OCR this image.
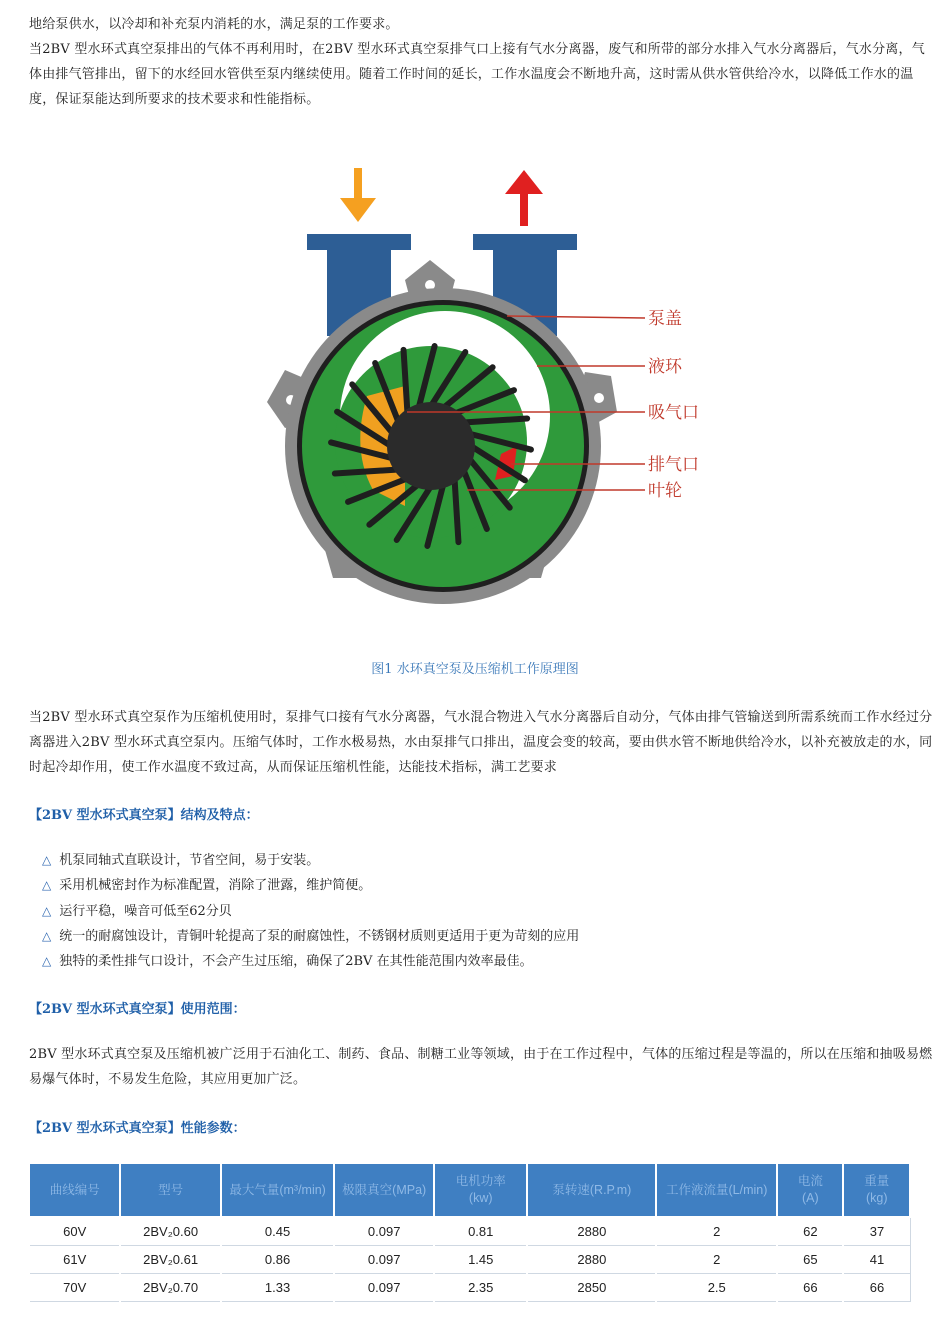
地给泵供水，以冷却和补充泵内消耗的水，满足泵的工作要求。

当2BV 型水环式真空泵排出的气体不再利用时，在2BV 型水环式真空泵排气口上接有气水分离器，废气和所带的部分水排入气水分离器后，气水分离，气体由排气管排出，留下的水经回水管供至泵内继续使用。随着工作时间的延长，工作水温度会不断地升高，这时需从供水管供给冷水，以降低工作水的温度，保证泵能达到所要求的技术要求和性能指标。

泵盖
液环
吸气口
排气口
叶轮
图1 水环真空泵及压缩机工作原理图

当2BV 型水环式真空泵作为压缩机使用时，泵排气口接有气水分离器，气水混合物进入气水分离器后自动分，气体由排气管输送到所需系统而工作水经过分离器进入2BV 型水环式真空泵内。压缩气体时，工作水极易热，水由泵排气口排出，温度会变的较高，要由供水管不断地供给冷水，以补充被放走的水，同时起冷却作用，使工作水温度不致过高，从而保证压缩机性能，达能技术指标，满工艺要求

【2BV 型水环式真空泵】结构及特点：
△ 机泵同轴式直联设计，节省空间，易于安装。
△ 采用机械密封作为标准配置，消除了泄露，维护简便。
△ 运行平稳，噪音可低至62分贝
△ 统一的耐腐蚀设计，青铜叶轮提高了泵的耐腐蚀性，不锈钢材质则更适用于更为苛刻的应用
△ 独特的柔性排气口设计，不会产生过压缩，确保了2BV 在其性能范围内效率最佳。
【2BV 型水环式真空泵】使用范围：

2BV 型水环式真空泵及压缩机被广泛用于石油化工、制药、食品、制糖工业等领域，由于在工作过程中，气体的压缩过程是等温的，所以在压缩和抽吸易燃易爆气体时，不易发生危险，其应用更加广泛。

【2BV 型水环式真空泵】性能参数：
曲线编号	型号	最大气量(m³/min)	极限真空(MPa)	电机功率
(kw)	泵转速(R.P.m)	工作液流量(L/min)	电流
(A)	重量
(kg)
60V	2BV₂0.60	0.45	0.097	0.81	2880	2	62	37
61V	2BV₂0.61	0.86	0.097	1.45	2880	2	65	41
70V	2BV₂0.70	1.33	0.097	2.35	2850	2.5	66	66
